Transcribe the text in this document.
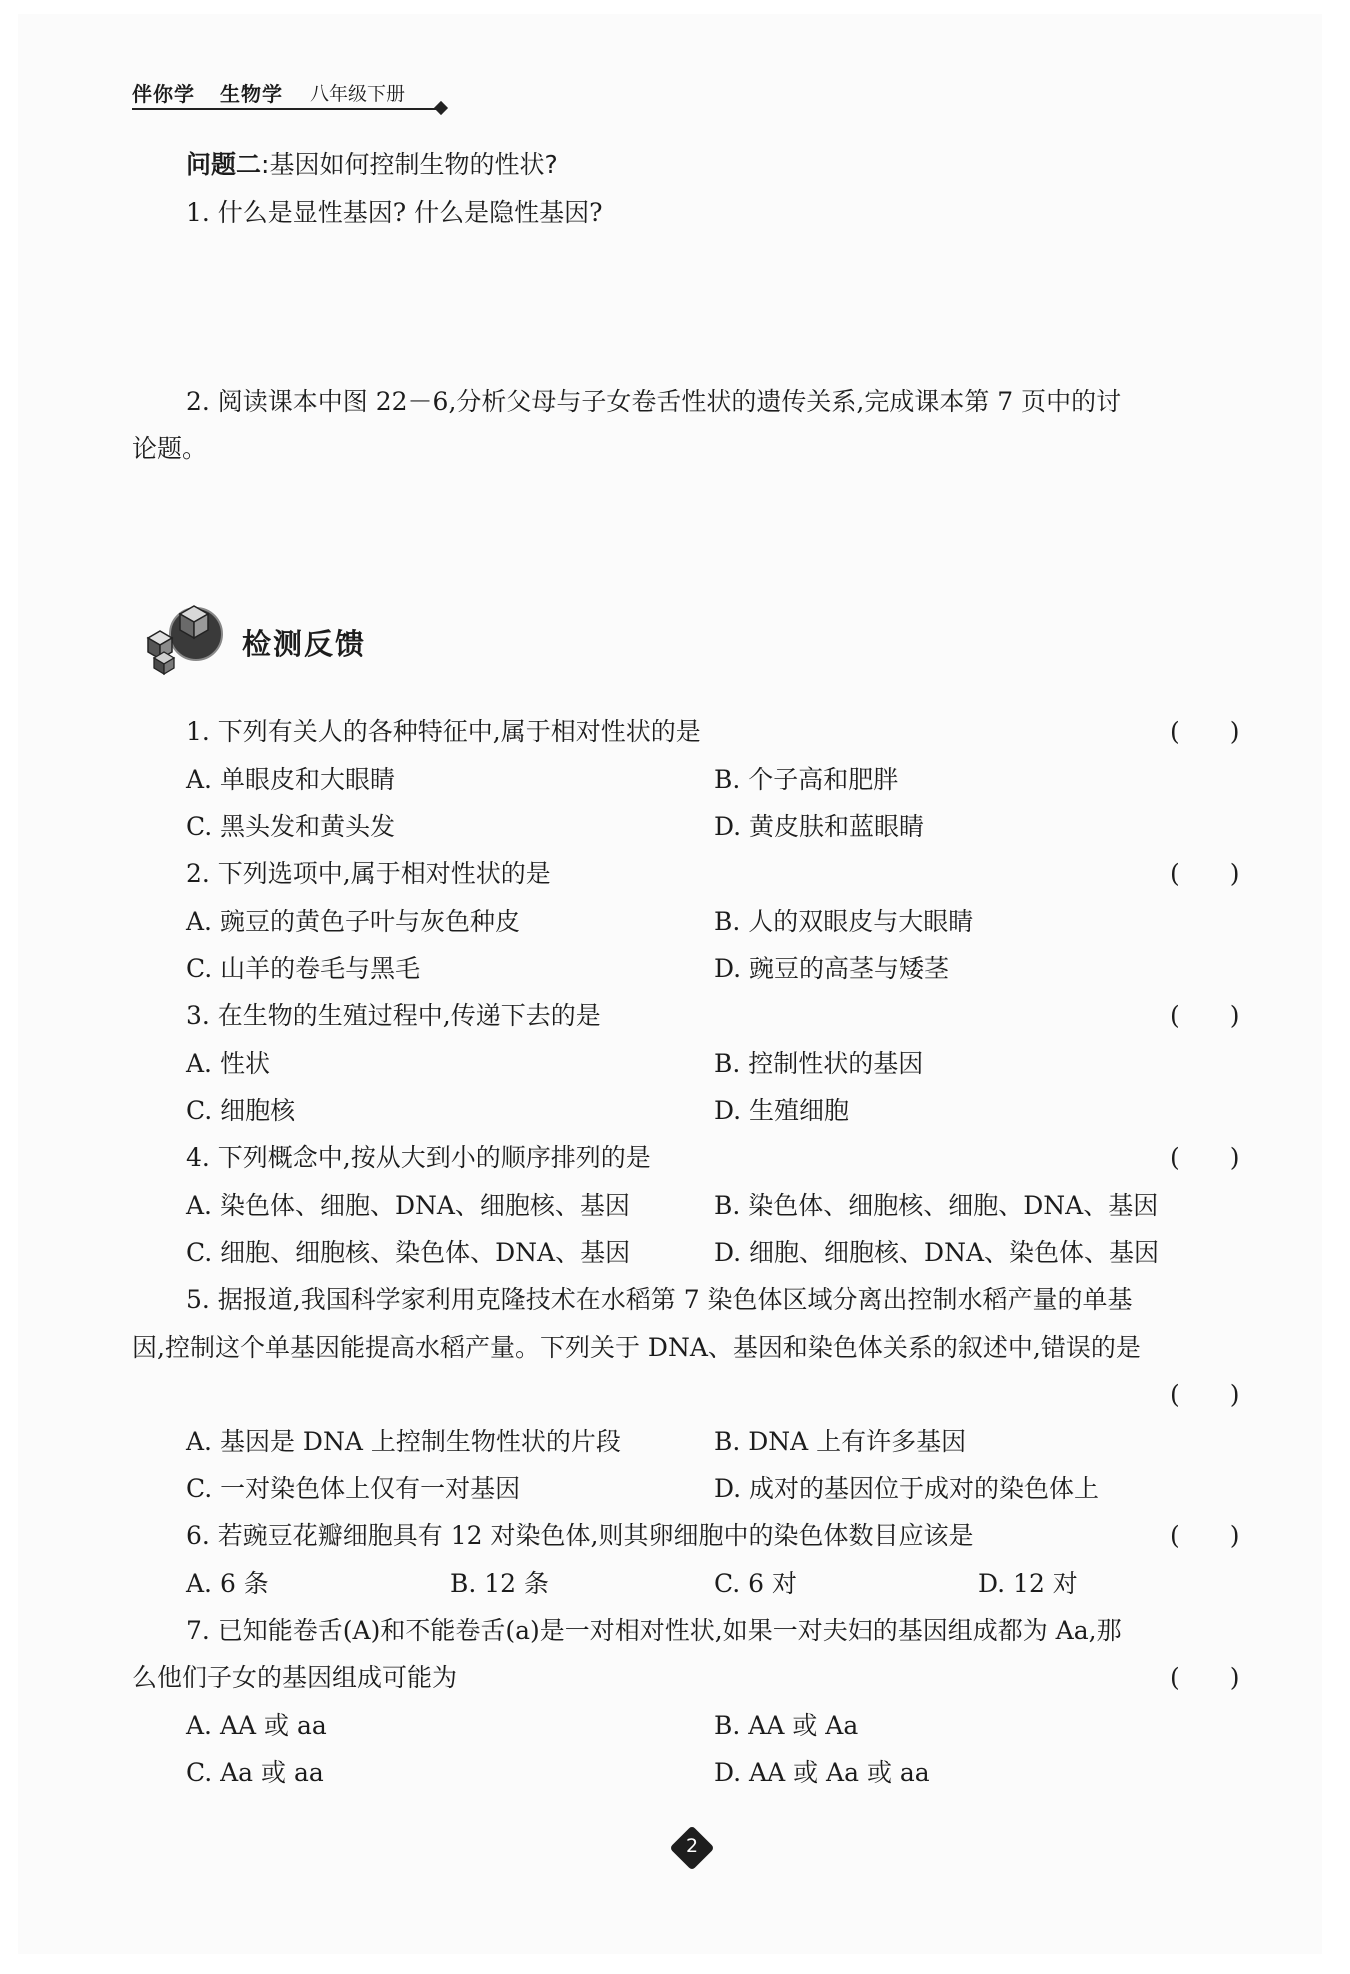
伴你学 生物学 八年级下册
问题二:基因如何控制生物的性状?
1. 什么是显性基因? 什么是隐性基因?
2. 阅读课本中图 22－6,分析父母与子女卷舌性状的遗传关系,完成课本第 7 页中的讨
论题。
检测反馈
1. 下列有关人的各种特征中,属于相对性状的是	(　　)
A. 单眼皮和大眼睛	B. 个子高和肥胖
C. 黑头发和黄头发	D. 黄皮肤和蓝眼睛
2. 下列选项中,属于相对性状的是	(　　)
A. 豌豆的黄色子叶与灰色种皮	B. 人的双眼皮与大眼睛
C. 山羊的卷毛与黑毛	D. 豌豆的高茎与矮茎
3. 在生物的生殖过程中,传递下去的是	(　　)
A. 性状	B. 控制性状的基因
C. 细胞核	D. 生殖细胞
4. 下列概念中,按从大到小的顺序排列的是	(　　)
A. 染色体、细胞、DNA、细胞核、基因	B. 染色体、细胞核、细胞、DNA、基因
C. 细胞、细胞核、染色体、DNA、基因	D. 细胞、细胞核、DNA、染色体、基因
5. 据报道,我国科学家利用克隆技术在水稻第 7 染色体区域分离出控制水稻产量的单基
因,控制这个单基因能提高水稻产量。下列关于 DNA、基因和染色体关系的叙述中,错误的是
(　　)
A. 基因是 DNA 上控制生物性状的片段	B. DNA 上有许多基因
C. 一对染色体上仅有一对基因	D. 成对的基因位于成对的染色体上
6. 若豌豆花瓣细胞具有 12 对染色体,则其卵细胞中的染色体数目应该是	(　　)
A. 6 条	B. 12 条	C. 6 对	D. 12 对
7. 已知能卷舌(A)和不能卷舌(a)是一对相对性状,如果一对夫妇的基因组成都为 Aa,那
么他们子女的基因组成可能为	(　　)
A. AA 或 aa	B. AA 或 Aa
C. Aa 或 aa	D. AA 或 Aa 或 aa
2
